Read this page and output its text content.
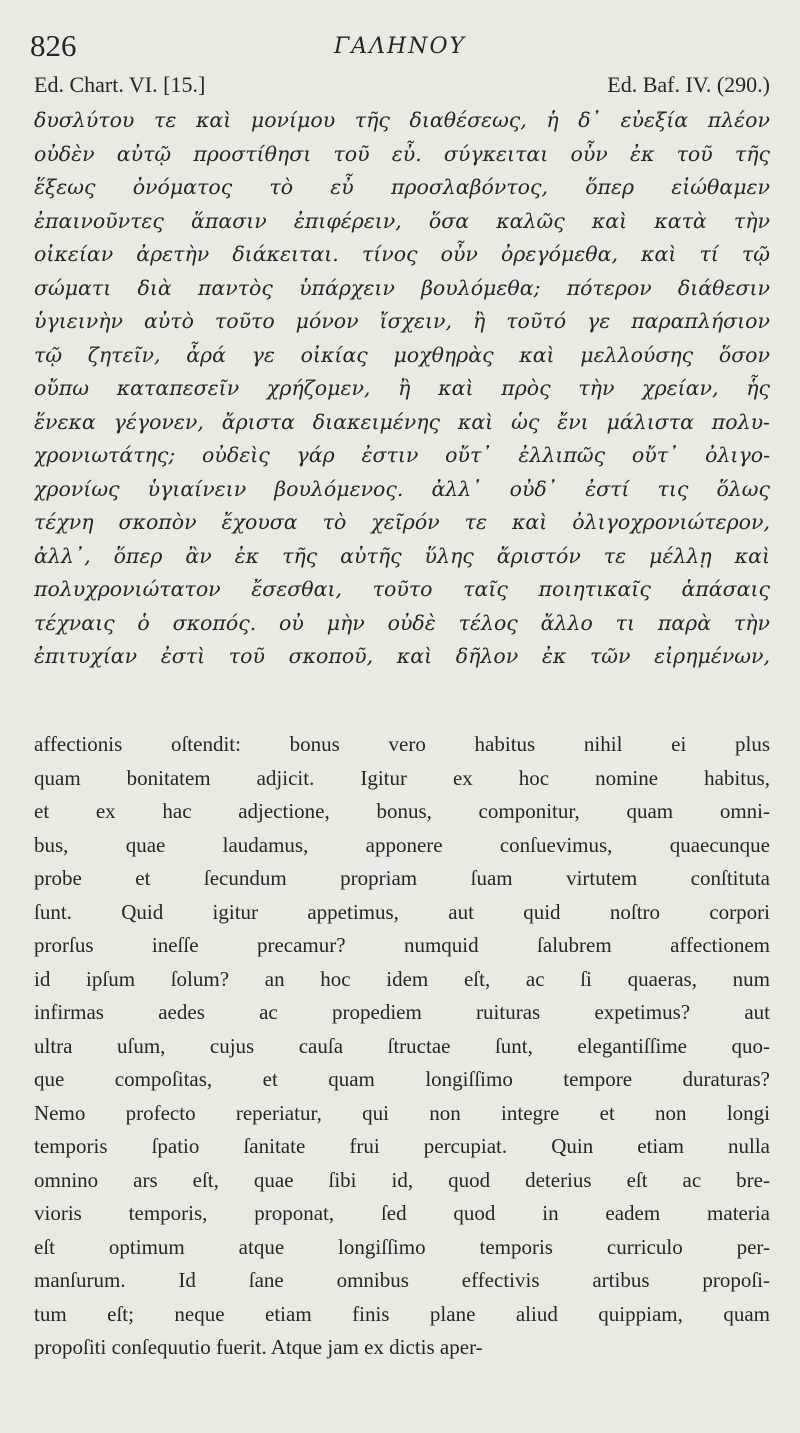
826	ΓΑΛΗΝΟΥ
Ed. Chart. VI. [15.]	Ed. Baf. IV. (290.)
δυσλύτου τε καὶ μονίμου τῆς διαθέσεως, ἡ δ᾽ εὐεξία πλέον
οὐδὲν αὐτῷ προστίθησι τοῦ εὖ. σύγκειται οὖν ἐκ τοῦ τῆς
ἕξεως ὀνόματος τὸ εὖ προσλαβόντος, ὅπερ εἰώθαμεν
ἐπαινοῦντες ἅπασιν ἐπιφέρειν, ὅσα καλῶς καὶ κατὰ τὴν
οἰκείαν ἀρετὴν διάκειται. τίνος οὖν ὀρεγόμεθα, καὶ τί τῷ
σώματι διὰ παντὸς ὑπάρχειν βουλόμεθα; πότερον διάθεσιν
ὑγιεινὴν αὐτὸ τοῦτο μόνον ἴσχειν, ἢ τοῦτό γε παραπλήσιον
τῷ ζητεῖν, ἆρά γε οἰκίας μοχθηρὰς καὶ μελλούσης ὅσον
οὔπω καταπεσεῖν χρήζομεν, ἢ καὶ πρὸς τὴν χρείαν, ἧς
ἕνεκα γέγονεν, ἄριστα διακειμένης καὶ ὡς ἔνι μάλιστα πολυ-
χρονιωτάτης; οὐδεὶς γάρ ἐστιν οὔτ᾽ ἐλλιπῶς οὔτ᾽ ὀλιγο-
χρονίως ὑγιαίνειν βουλόμενος. ἀλλ᾽ οὐδ᾽ ἐστί τις ὅλως
τέχνη σκοπὸν ἔχουσα τὸ χεῖρόν τε καὶ ὀλιγοχρονιώτερον,
ἀλλ᾽, ὅπερ ἂν ἐκ τῆς αὐτῆς ὕλης ἄριστόν τε μέλλῃ καὶ
πολυχρονιώτατον ἔσεσθαι, τοῦτο ταῖς ποιητικαῖς ἁπάσαις
τέχναις ὁ σκοπός. οὐ μὴν οὐδὲ τέλος ἄλλο τι παρὰ τὴν
ἐπιτυχίαν ἐστὶ τοῦ σκοποῦ, καὶ δῆλον ἐκ τῶν εἰρημένων,
affectionis oſtendit: bonus vero habitus nihil ei plus
quam bonitatem adjicit. Igitur ex hoc nomine habitus,
et ex hac adjectione, bonus, componitur, quam omni-
bus, quae laudamus, apponere conſuevimus, quaecunque
probe et ſecundum propriam ſuam virtutem conſtituta
ſunt. Quid igitur appetimus, aut quid noſtro corpori
prorſus ineſſe precamur? numquid ſalubrem affectionem
id ipſum ſolum? an hoc idem eſt, ac ſi quaeras, num
infirmas aedes ac propediem ruituras expetimus? aut
ultra uſum, cujus cauſa ſtructae ſunt, elegantiſſime quo-
que compoſitas, et quam longiſſimo tempore duraturas?
Nemo profecto reperiatur, qui non integre et non longi
temporis ſpatio ſanitate frui percupiat. Quin etiam nulla
omnino ars eſt, quae ſibi id, quod deterius eſt ac bre-
vioris temporis, proponat, ſed quod in eadem materia
eſt optimum atque longiſſimo temporis curriculo per-
manſurum. Id ſane omnibus effectivis artibus propoſi-
tum eſt; neque etiam finis plane aliud quippiam, quam
propoſiti conſequutio fuerit. Atque jam ex dictis aper-
